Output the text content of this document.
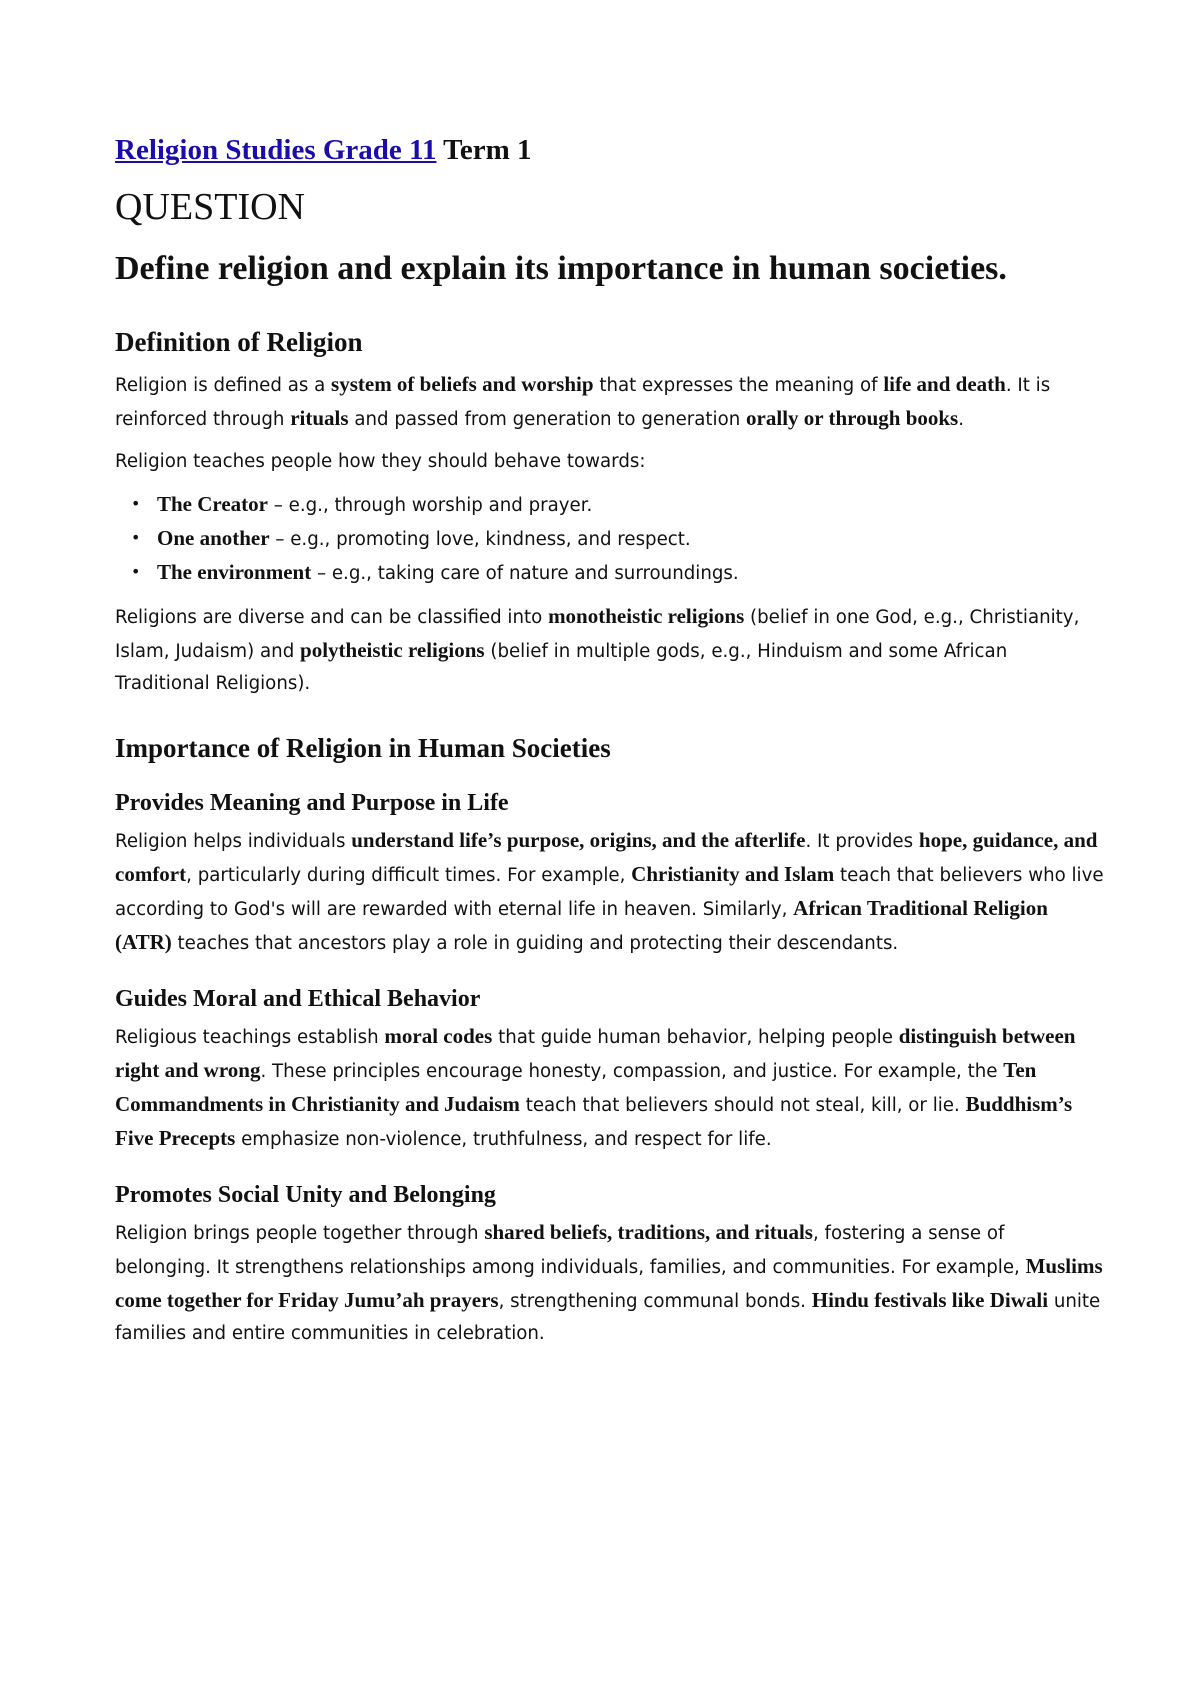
Religion Studies Grade 11 Term 1

QUESTION

Define religion and explain its importance in human societies.

Definition of Religion

Religion is defined as a system of beliefs and worship that expresses the meaning of life and death. It is reinforced through rituals and passed from generation to generation orally or through books.

Religion teaches people how they should behave towards:

• The Creator – e.g., through worship and prayer.
• One another – e.g., promoting love, kindness, and respect.
• The environment – e.g., taking care of nature and surroundings.

Religions are diverse and can be classified into monotheistic religions (belief in one God, e.g., Christianity, Islam, Judaism) and polytheistic religions (belief in multiple gods, e.g., Hinduism and some African Traditional Religions).

Importance of Religion in Human Societies
Provides Meaning and Purpose in Life

Religion helps individuals understand life’s purpose, origins, and the afterlife. It provides hope, guidance, and comfort, particularly during difficult times. For example, Christianity and Islam teach that believers who live according to God's will are rewarded with eternal life in heaven. Similarly, African Traditional Religion (ATR) teaches that ancestors play a role in guiding and protecting their descendants.

Guides Moral and Ethical Behavior

Religious teachings establish moral codes that guide human behavior, helping people distinguish between right and wrong. These principles encourage honesty, compassion, and justice. For example, the Ten Commandments in Christianity and Judaism teach that believers should not steal, kill, or lie. Buddhism’s Five Precepts emphasize non-violence, truthfulness, and respect for life.

Promotes Social Unity and Belonging

Religion brings people together through shared beliefs, traditions, and rituals, fostering a sense of belonging. It strengthens relationships among individuals, families, and communities. For example, Muslims come together for Friday Jumu’ah prayers, strengthening communal bonds. Hindu festivals like Diwali unite families and entire communities in celebration.
